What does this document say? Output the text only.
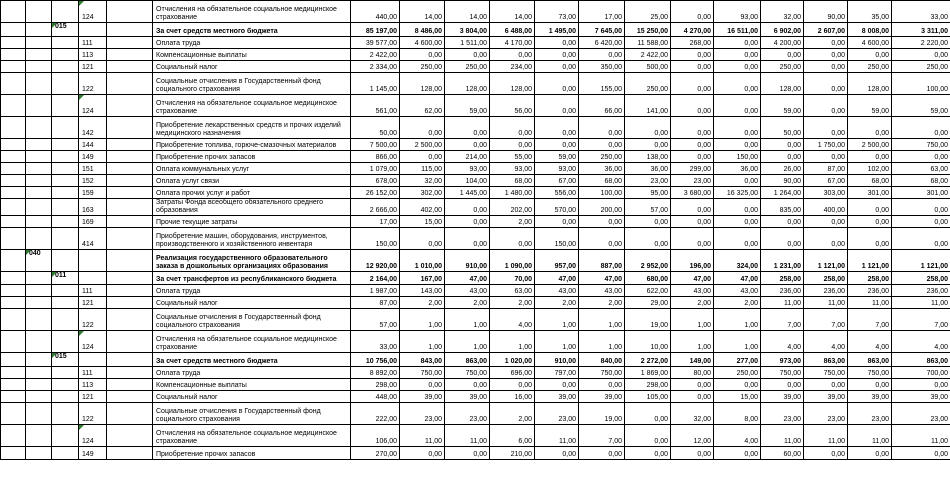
			124		Отчисления на обязательное социальное медицинское страхование	440,00	14,00	14,00	14,00	73,00	17,00	25,00	0,00	93,00	32,00	90,00	35,00	33,00
		015			За счет средств местного бюджета	85 197,00	8 486,00	3 804,00	6 488,00	1 495,00	7 645,00	15 250,00	4 270,00	16 511,00	6 902,00	2 607,00	8 008,00	3 311,00
			111		Оплата труда	39 577,00	4 600,00	1 511,00	4 170,00	0,00	6 420,00	11 588,00	268,00	0,00	4 200,00	0,00	4 600,00	2 220,00
			113		Компенсационные выплаты	2 422,00	0,00	0,00	0,00	0,00	0,00	2 422,00	0,00	0,00	0,00	0,00	0,00	0,00
			121		Социальный налог	2 334,00	250,00	250,00	234,00	0,00	350,00	500,00	0,00	0,00	250,00	0,00	250,00	250,00
			122		Социальные отчисления в Государственный фонд социального страхования	1 145,00	128,00	128,00	128,00	0,00	155,00	250,00	0,00	0,00	128,00	0,00	128,00	100,00
			124		Отчисления на обязательное социальное медицинское страхование	561,00	62,00	59,00	56,00	0,00	66,00	141,00	0,00	0,00	59,00	0,00	59,00	59,00
			142		Приобретение лекарственных средств и прочих изделий медицинского назначения	50,00	0,00	0,00	0,00	0,00	0,00	0,00	0,00	0,00	50,00	0,00	0,00	0,00
			144		Приобретение топлива, горюче-смазочных материалов	7 500,00	2 500,00	0,00	0,00	0,00	0,00	0,00	0,00	0,00	0,00	1 750,00	2 500,00	750,00
			149		Приобретение прочих запасов	866,00	0,00	214,00	55,00	59,00	250,00	138,00	0,00	150,00	0,00	0,00	0,00	0,00
			151		Оплата коммунальных услуг	1 079,00	115,00	93,00	93,00	93,00	36,00	36,00	299,00	36,00	26,00	87,00	102,00	63,00
			152		Оплата услуг связи	678,00	32,00	104,00	68,00	67,00	68,00	23,00	23,00	0,00	90,00	67,00	68,00	68,00
			159		Оплата прочих услуг и работ	26 152,00	302,00	1 445,00	1 480,00	556,00	100,00	95,00	3 680,00	16 325,00	1 264,00	303,00	301,00	301,00
			163		Затраты Фонда всеобщего обязательного среднего образования	2 666,00	402,00	0,00	202,00	570,00	200,00	57,00	0,00	0,00	835,00	400,00	0,00	0,00
			169		Прочие текущие затраты	17,00	15,00	0,00	2,00	0,00	0,00	0,00	0,00	0,00	0,00	0,00	0,00	0,00
			414		Приобретение машин, оборудования, инструментов, производственного и хозяйственного инвентаря	150,00	0,00	0,00	0,00	150,00	0,00	0,00	0,00	0,00	0,00	0,00	0,00	0,00
	040				Реализация государственного образовательного заказа в дошкольных организациях образования	12 920,00	1 010,00	910,00	1 090,00	957,00	887,00	2 952,00	196,00	324,00	1 231,00	1 121,00	1 121,00	1 121,00
		011			За счет трансфертов из республиканского бюджета	2 164,00	167,00	47,00	70,00	47,00	47,00	680,00	47,00	47,00	258,00	258,00	258,00	258,00
			111		Оплата труда	1 987,00	143,00	43,00	63,00	43,00	43,00	622,00	43,00	43,00	236,00	236,00	236,00	236,00
			121		Социальный налог	87,00	2,00	2,00	2,00	2,00	2,00	29,00	2,00	2,00	11,00	11,00	11,00	11,00
			122		Социальные отчисления в Государственный фонд социального страхования	57,00	1,00	1,00	4,00	1,00	1,00	19,00	1,00	1,00	7,00	7,00	7,00	7,00
			124		Отчисления на обязательное социальное медицинское страхование	33,00	1,00	1,00	1,00	1,00	1,00	10,00	1,00	1,00	4,00	4,00	4,00	4,00
		015			За счет средств местного бюджета	10 756,00	843,00	863,00	1 020,00	910,00	840,00	2 272,00	149,00	277,00	973,00	863,00	863,00	863,00
			111		Оплата труда	8 892,00	750,00	750,00	696,00	797,00	750,00	1 869,00	80,00	250,00	750,00	750,00	750,00	700,00
			113		Компенсационные выплаты	298,00	0,00	0,00	0,00	0,00	0,00	298,00	0,00	0,00	0,00	0,00	0,00	0,00
			121		Социальный налог	448,00	39,00	39,00	16,00	39,00	39,00	105,00	0,00	15,00	39,00	39,00	39,00	39,00
			122		Социальные отчисления в Государственный фонд социального страхования	222,00	23,00	23,00	2,00	23,00	19,00	0,00	32,00	8,00	23,00	23,00	23,00	23,00
			124		Отчисления на обязательное социальное медицинское страхование	106,00	11,00	11,00	6,00	11,00	7,00	0,00	12,00	4,00	11,00	11,00	11,00	11,00
			149		Приобретение прочих запасов	270,00	0,00	0,00	210,00	0,00	0,00	0,00	0,00	0,00	60,00	0,00	0,00	0,00
